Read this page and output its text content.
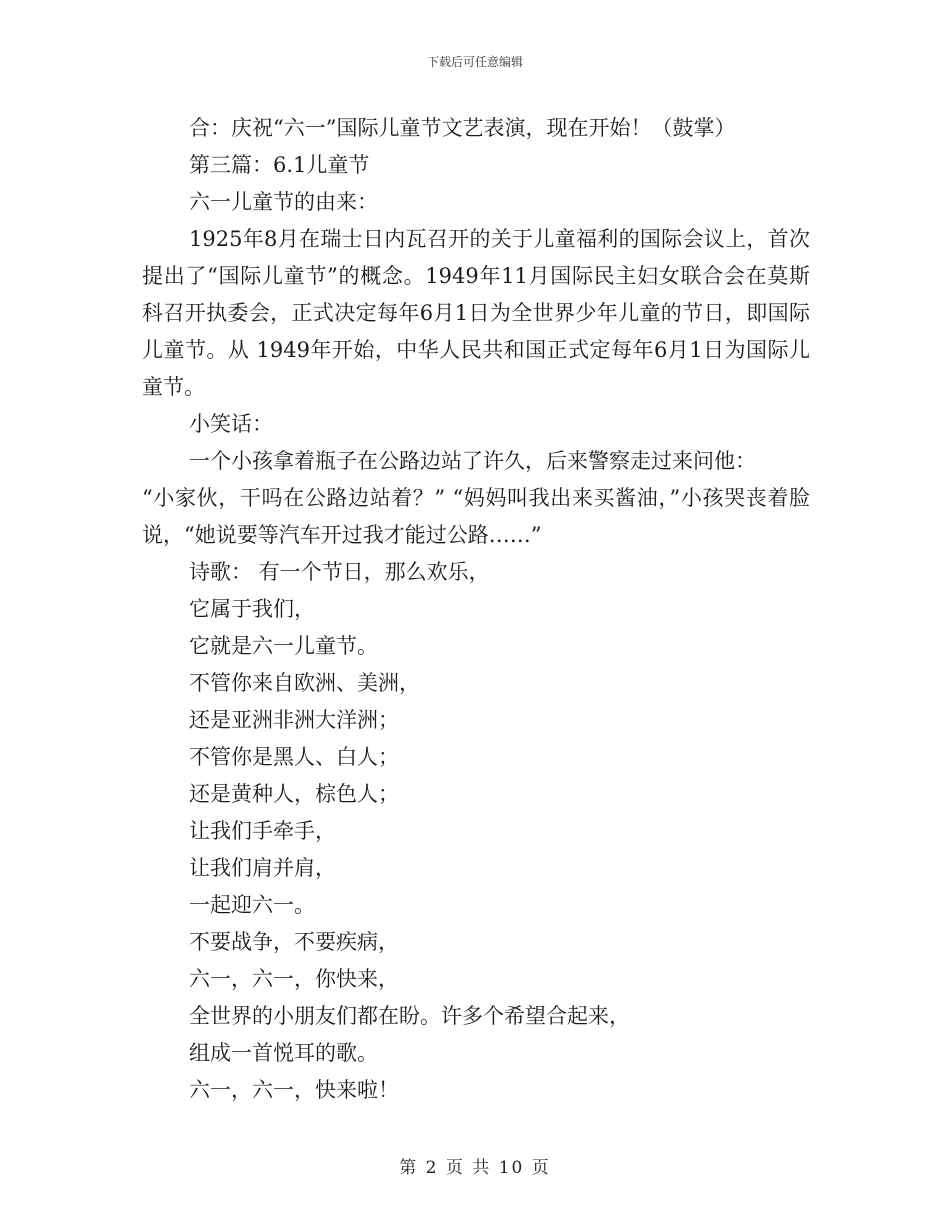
下载后可任意编辑

合：庆祝“六一”国际儿童节文艺表演，现在开始！（鼓掌）

第三篇：6.1儿童节

六一儿童节的由来：

1925年8月在瑞士日内瓦召开的关于儿童福利的国际会议上，首次提出了“国际儿童节”的概念。1949年11月国际民主妇女联合会在莫斯科召开执委会，正式决定每年6月1日为全世界少年儿童的节日，即国际儿童节。从 1949年开始，中华人民共和国正式定每年6月1日为国际儿童节。

小笑话：

一个小孩拿着瓶子在公路边站了许久，后来警察走过来问他：

“小家伙，干吗在公路边站着？” “妈妈叫我出来买酱油，”小孩哭丧着脸说，“她说要等汽车开过我才能过公路……”

诗歌： 有一个节日，那么欢乐，

它属于我们，

它就是六一儿童节。

不管你来自欧洲、美洲，

还是亚洲非洲大洋洲；

不管你是黑人、白人；

还是黄种人，棕色人；

让我们手牵手，

让我们肩并肩，

一起迎六一。

不要战争，不要疾病，

六一，六一，你快来，

全世界的小朋友们都在盼。许多个希望合起来，

组成一首悦耳的歌。

六一，六一，快来啦！

第 2 页 共 10 页
